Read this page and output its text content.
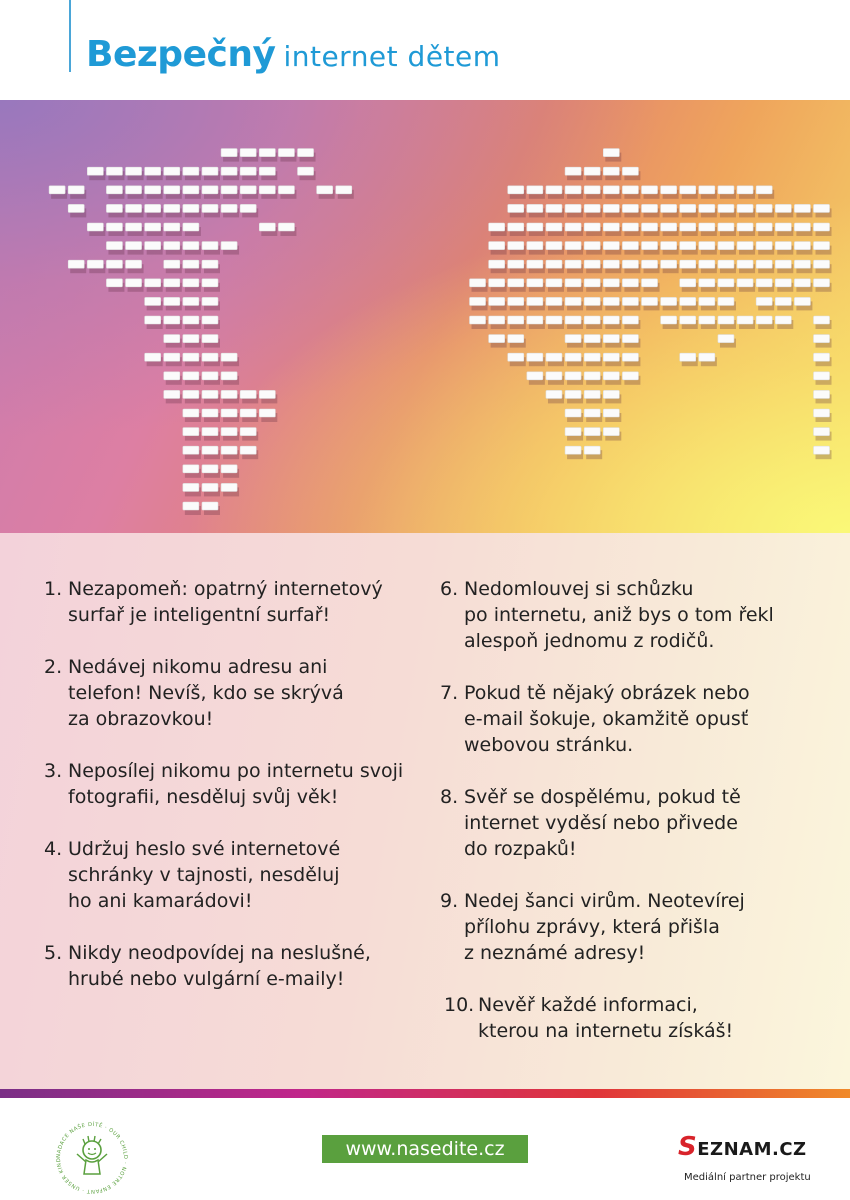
Bezpečný internet dětem
1. Nezapomeň: opatrný internetový
surfař je inteligentní surfař!
2. Nedávej nikomu adresu ani
telefon! Nevíš, kdo se skrývá
za obrazovkou!
3. Neposílej nikomu po internetu svoji
fotografii, nesděluj svůj věk!
4. Udržuj heslo své internetové
schránky v tajnosti, nesděluj
ho ani kamarádovi!
5. Nikdy neodpovídej na neslušné,
hrubé nebo vulgární e-maily!
6. Nedomlouvej si schůzku
po internetu, aniž bys o tom řekl
alespoň jednomu z rodičů.
7. Pokud tě nějaký obrázek nebo
e-mail šokuje, okamžitě opusť
webovou stránku.
8. Svěř se dospělému, pokud tě
internet vyděsí nebo přivede
do rozpaků!
9. Nedej šanci virům. Neotevírej
přílohu zprávy, která přišla
z neznámé adresy!
10. Nevěř každé informaci,
kterou na internetu získáš!
NADACE NAŠE DÍTĚ · OUR CHILD · NOTRE ENFANT · UNSER KIND	www.nasedite.cz	SEZNAM.CZ
Mediální partner projektu
